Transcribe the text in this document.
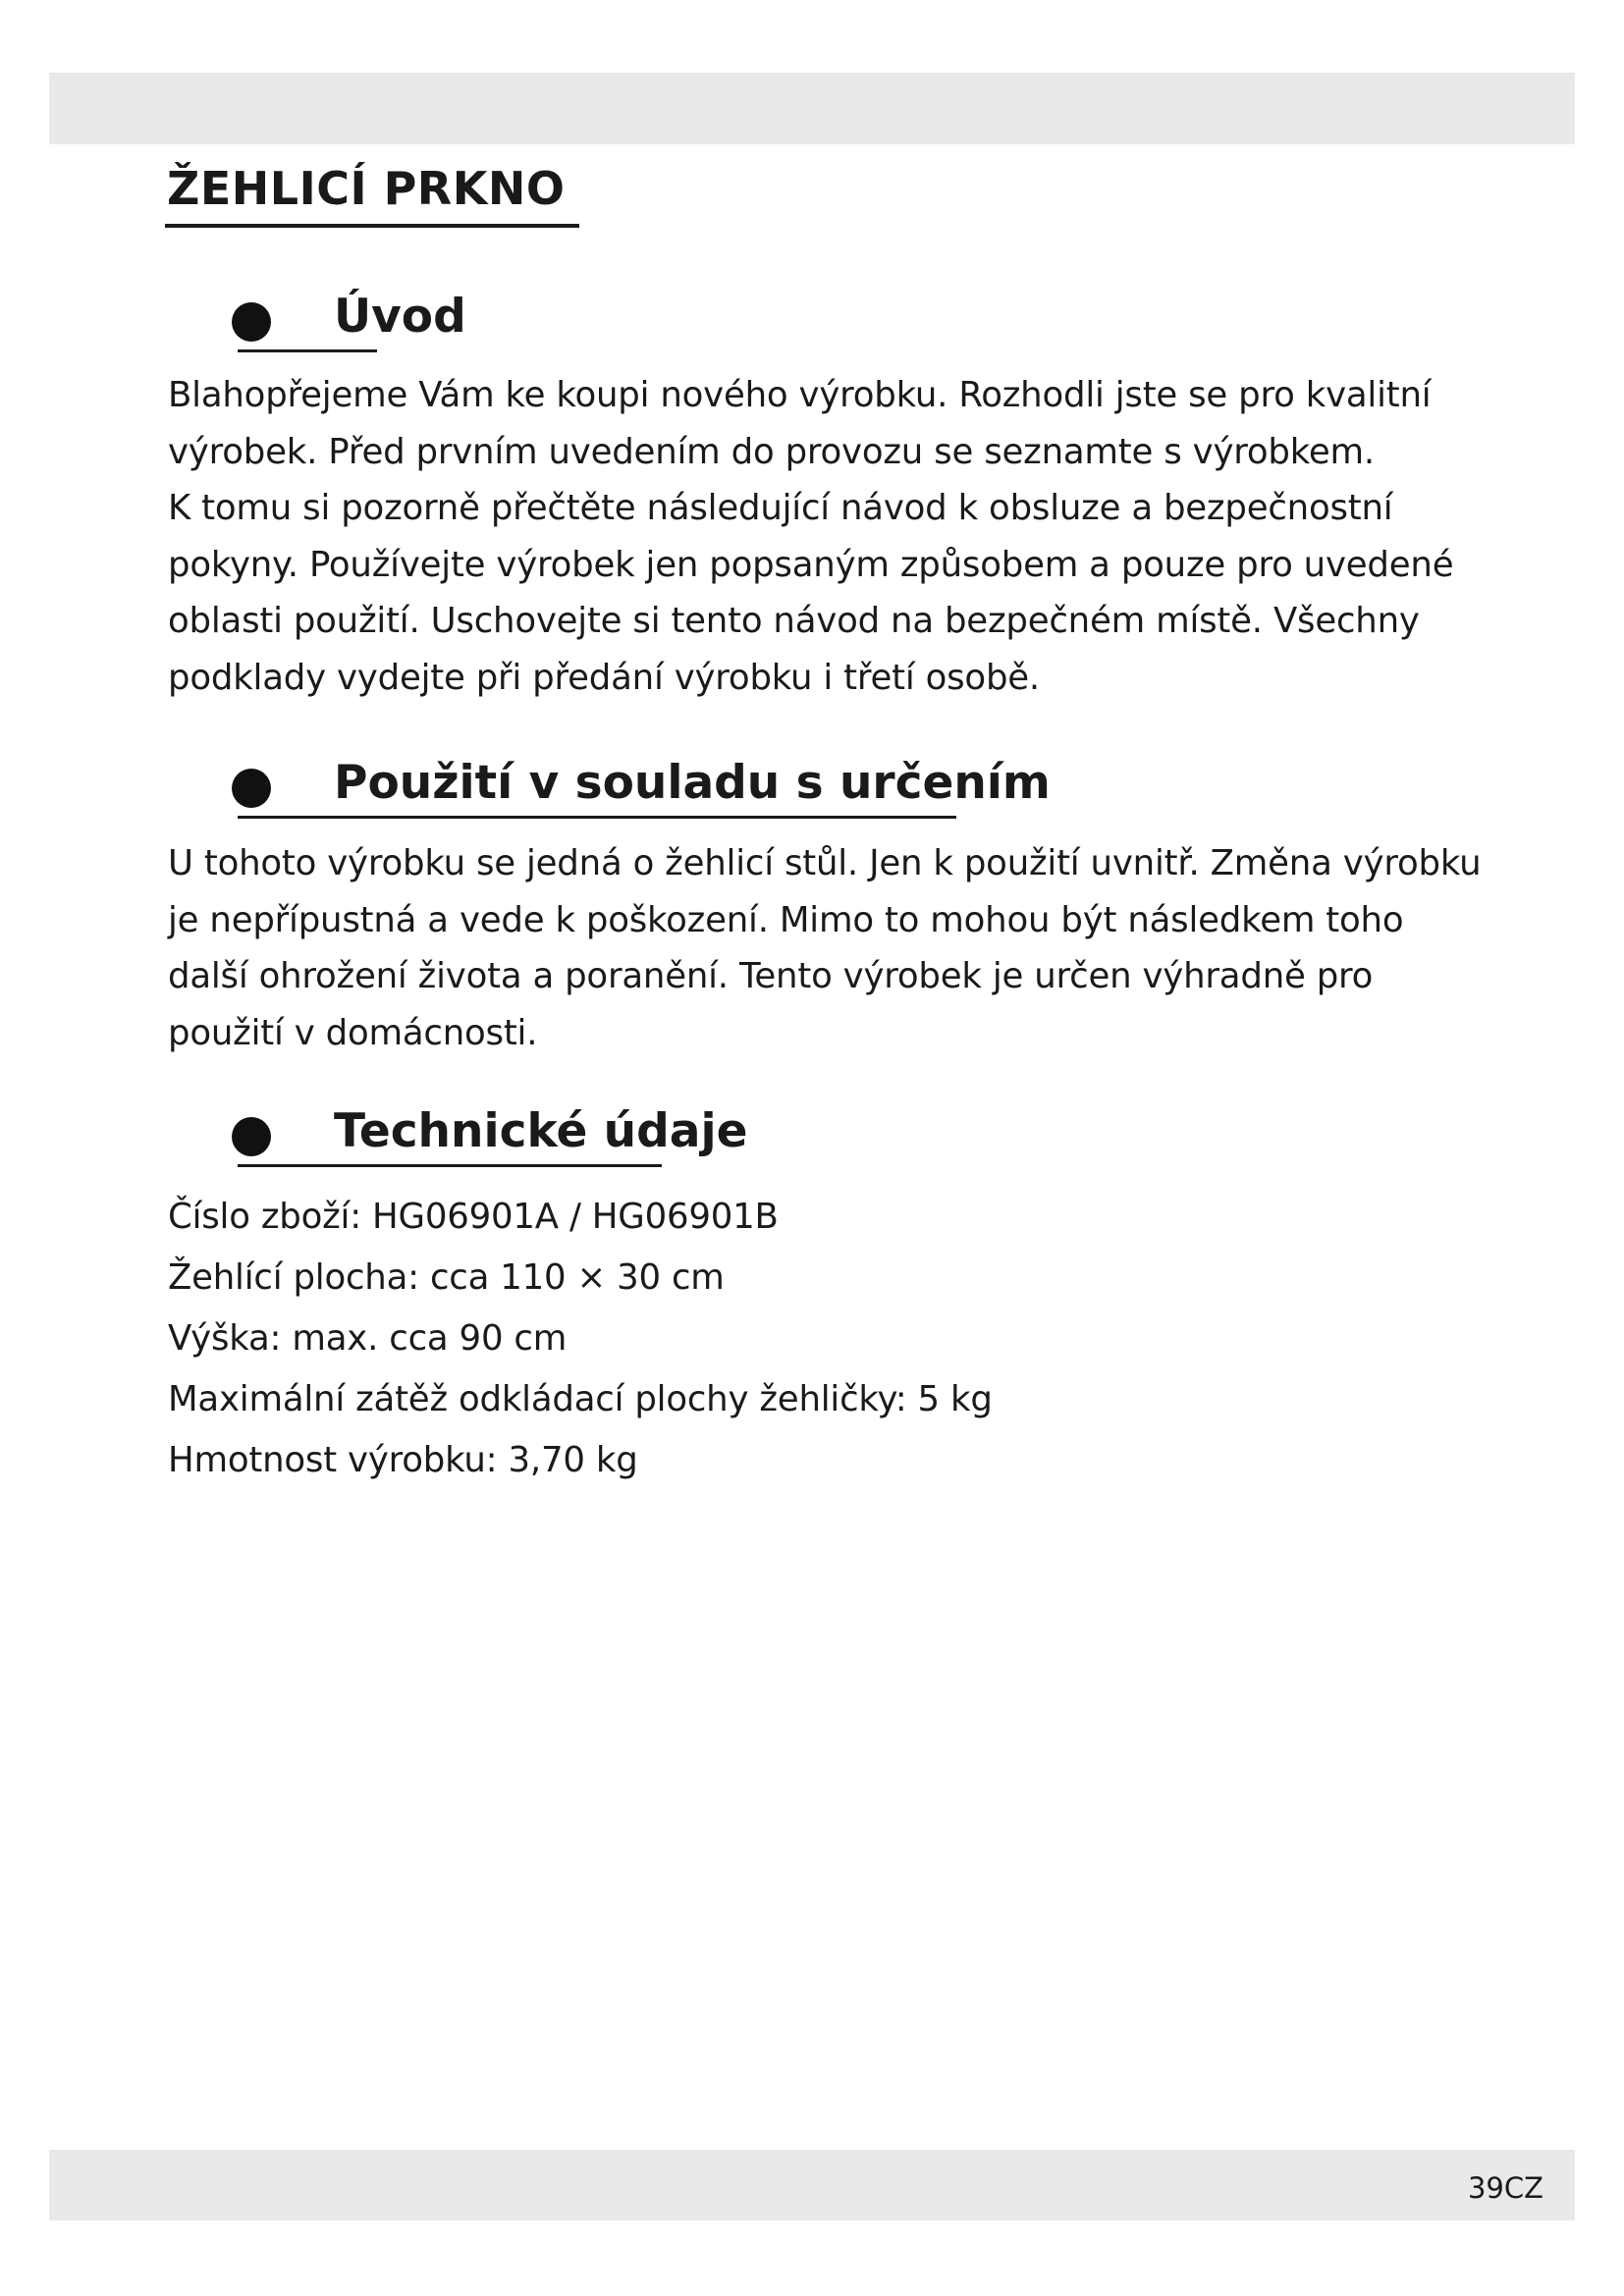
ŽEHLICÍ PRKNO
Úvod

Blahopřejeme Vám ke koupi nového výrobku. Rozhodli jste se pro kvalitní
výrobek. Před prvním uvedením do provozu se seznamte s výrobkem.
K tomu si pozorně přečtěte následující návod k obsluze a bezpečnostní
pokyny. Používejte výrobek jen popsaným způsobem a pouze pro uvedené
oblasti použití. Uschovejte si tento návod na bezpečném místě. Všechny
podklady vydejte při předání výrobku i třetí osobě.

Použití v souladu s určením

U tohoto výrobku se jedná o žehlicí stůl. Jen k použití uvnitř. Změna výrobku
je nepřípustná a vede k poškození. Mimo to mohou být následkem toho
další ohrožení života a poranění. Tento výrobek je určen výhradně pro
použití v domácnosti.

Technické údaje
Číslo zboží: HG06901A / HG06901B
Žehlící plocha: cca 110 × 30 cm
Výška: max. cca 90 cm
Maximální zátěž odkládací plochy žehličky: 5 kg
Hmotnost výrobku: 3,70 kg
39CZ
